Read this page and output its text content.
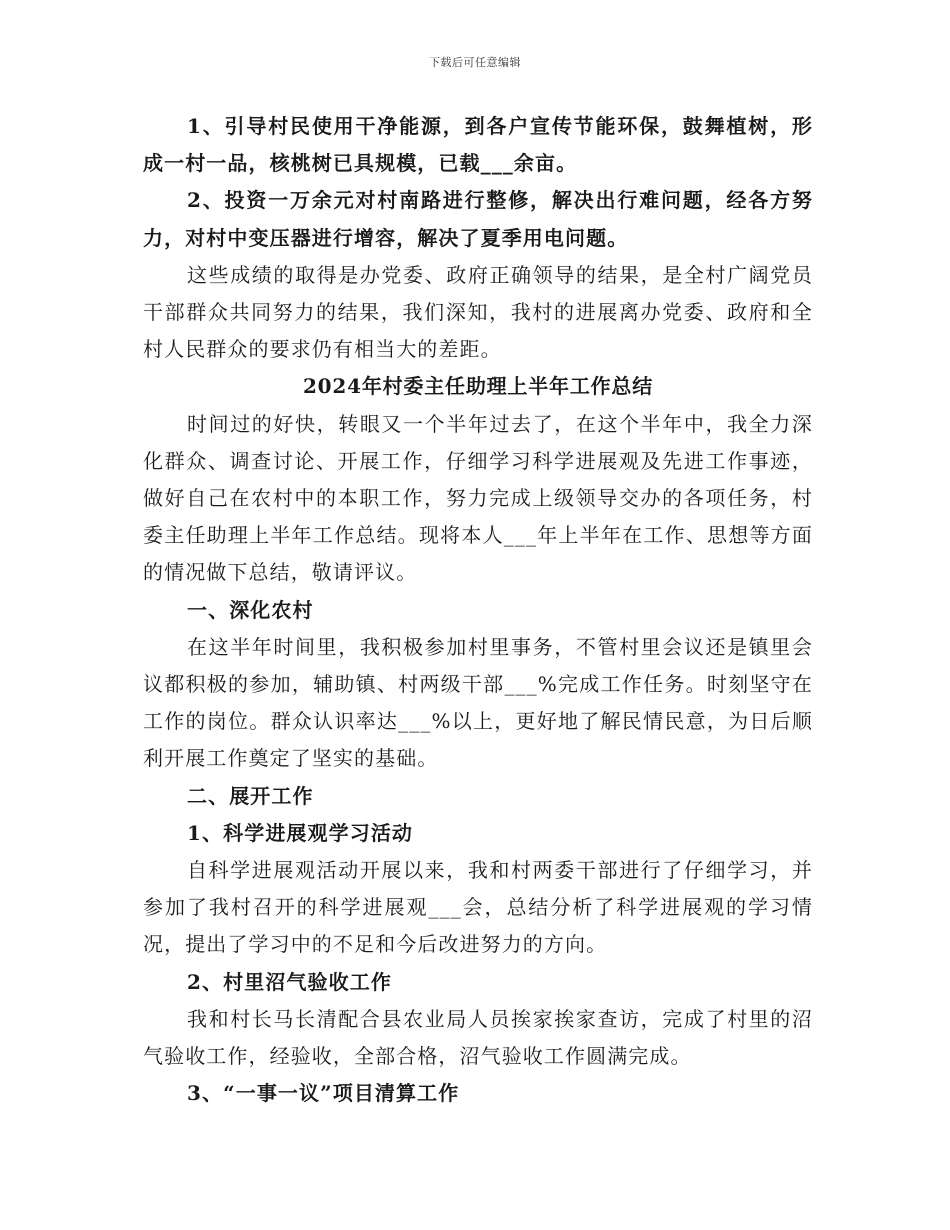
下载后可任意编辑

1、引导村民使用干净能源，到各户宣传节能环保，鼓舞植树，形成一村一品，核桃树已具规模，已载___余亩。

2、投资一万余元对村南路进行整修，解决出行难问题，经各方努力，对村中变压器进行增容，解决了夏季用电问题。

这些成绩的取得是办党委、政府正确领导的结果，是全村广阔党员干部群众共同努力的结果，我们深知，我村的进展离办党委、政府和全村人民群众的要求仍有相当大的差距。

2024年村委主任助理上半年工作总结

时间过的好快，转眼又一个半年过去了，在这个半年中，我全力深化群众、调查讨论、开展工作，仔细学习科学进展观及先进工作事迹，做好自己在农村中的本职工作，努力完成上级领导交办的各项任务，村委主任助理上半年工作总结。现将本人___年上半年在工作、思想等方面的情况做下总结，敬请评议。

一、深化农村

在这半年时间里，我积极参加村里事务，不管村里会议还是镇里会议都积极的参加，辅助镇、村两级干部___%完成工作任务。时刻坚守在工作的岗位。群众认识率达___%以上，更好地了解民情民意，为日后顺利开展工作奠定了坚实的基础。

二、展开工作

1、科学进展观学习活动

自科学进展观活动开展以来，我和村两委干部进行了仔细学习，并参加了我村召开的科学进展观___会，总结分析了科学进展观的学习情况，提出了学习中的不足和今后改进努力的方向。

2、村里沼气验收工作

我和村长马长清配合县农业局人员挨家挨家查访，完成了村里的沼气验收工作，经验收，全部合格，沼气验收工作圆满完成。

3、“一事一议”项目清算工作
